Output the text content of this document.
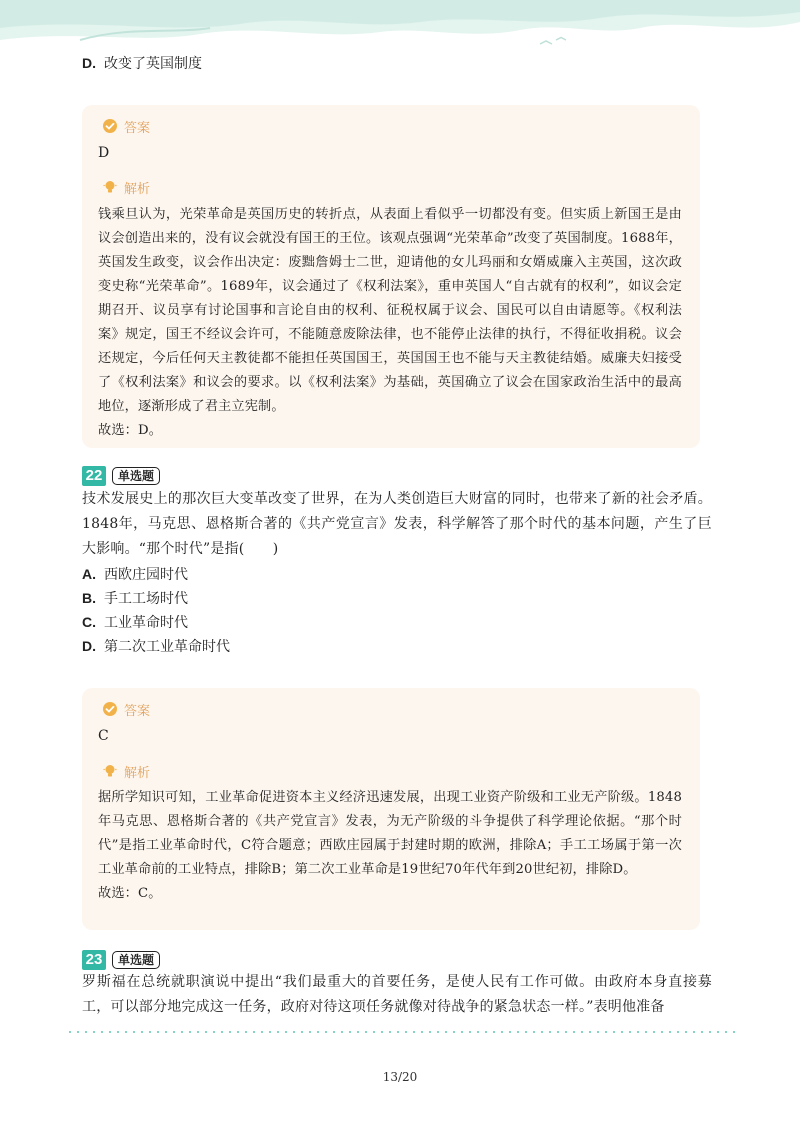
D. 改变了英国制度
答案
D
解析
钱乘旦认为，光荣革命是英国历史的转折点，从表面上看似乎一切都没有变。但实质上新国王是由议会创造出来的，没有议会就没有国王的王位。该观点强调“光荣革命”改变了英国制度。1688年，英国发生政变，议会作出决定：废黜詹姆士二世，迎请他的女儿玛丽和女婿威廉入主英国，这次政变史称“光荣革命”。1689年，议会通过了《权利法案》，重申英国人“自古就有的权利”，如议会定期召开、议员享有讨论国事和言论自由的权利、征税权属于议会、国民可以自由请愿等。《权利法案》规定，国王不经议会许可，不能随意废除法律，也不能停止法律的执行，不得征收捐税。议会还规定，今后任何天主教徒都不能担任英国国王，英国国王也不能与天主教徒结婚。威廉夫妇接受了《权利法案》和议会的要求。以《权利法案》为基础，英国确立了议会在国家政治生活中的最高地位，逐渐形成了君主立宪制。
故选：D。
22	单选题
技术发展史上的那次巨大变革改变了世界，在为人类创造巨大财富的同时，也带来了新的社会矛盾。1848年，马克思、恩格斯合著的《共产党宣言》发表，科学解答了那个时代的基本问题，产生了巨大影响。“那个时代”是指(　　)
A. 西欧庄园时代
B. 手工工场时代
C. 工业革命时代
D. 第二次工业革命时代
答案
C
解析
据所学知识可知，工业革命促进资本主义经济迅速发展，出现工业资产阶级和工业无产阶级。1848年马克思、恩格斯合著的《共产党宣言》发表，为无产阶级的斗争提供了科学理论依据。“那个时代”是指工业革命时代，C符合题意；西欧庄园属于封建时期的欧洲，排除A；手工工场属于第一次工业革命前的工业特点，排除B；第二次工业革命是19世纪70年代年到20世纪初，排除D。
故选：C。
23	单选题
罗斯福在总统就职演说中提出“我们最重大的首要任务，是使人民有工作可做。由政府本身直接募工，可以部分地完成这一任务，政府对待这项任务就像对待战争的紧急状态一样。”表明他准备
13/20
